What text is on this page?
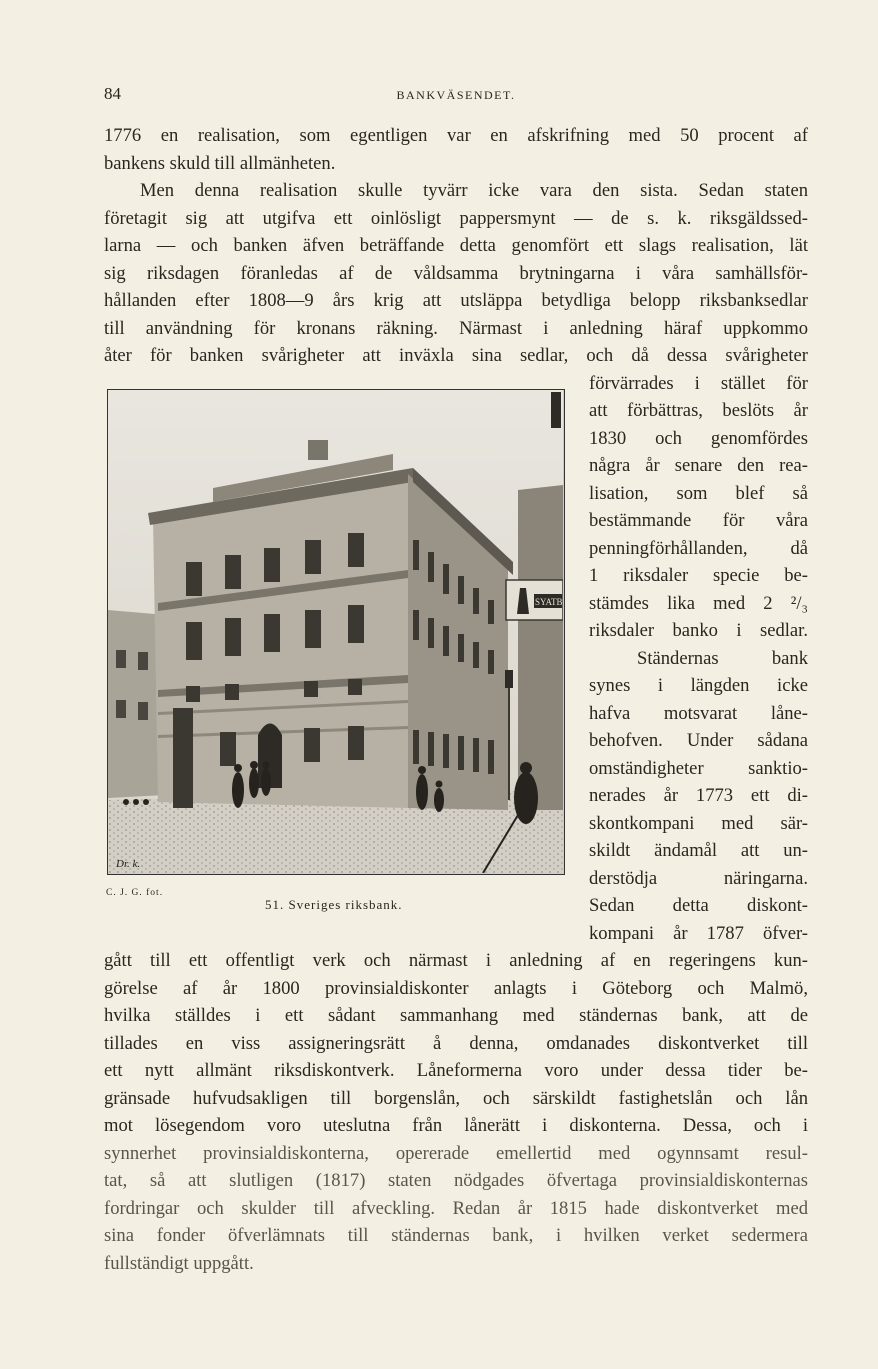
84	BANKVÄSENDET.
1776 en realisation, som egentligen var en afskrifning med 50 procent af
bankens skuld till allmänheten.
Men denna realisation skulle tyvärr icke vara den sista. Sedan staten
företagit sig att utgifva ett oinlösligt pappersmynt — de s. k. riksgäldssed-
larna — och banken äfven beträffande detta genomfört ett slags realisation, lät
sig riksdagen föranledas af de våldsamma brytningarna i våra samhällsför-
hållanden efter 1808—9 års krig att utsläppa betydliga belopp riksbanksedlar
till användning för kronans räkning. Närmast i anledning häraf uppkommo
åter för banken svårigheter att inväxla sina sedlar, och då dessa svårigheter
SYATB
Dr. k.
förvärrades i stället för
att förbättras, beslöts år
1830 och genomfördes
några år senare den rea-
lisation, som blef så
bestämmande för våra
penningförhållanden, då
1 riksdaler specie be-
stämdes lika med 2 ²/₃
riksdaler banko i sedlar.
Ständernas bank
synes i längden icke
hafva motsvarat låne-
behofven. Under sådana
omständigheter sanktio-
nerades år 1773 ett di-
skontkompani med sär-
skildt ändamål att un-
derstödja näringarna.
Sedan detta diskont-
kompani år 1787 öfver-
C. J. G. fot.
51. Sveriges riksbank.
gått till ett offentligt verk och närmast i anledning af en regeringens kun-
görelse af år 1800 provinsialdiskonter anlagts i Göteborg och Malmö,
hvilka ställdes i ett sådant sammanhang med ständernas bank, att de
tillades en viss assigneringsrätt å denna, omdanades diskontverket till
ett nytt allmänt riksdiskontverk. Låneformerna voro under dessa tider be-
gränsade hufvudsakligen till borgenslån, och särskildt fastighetslån och lån
mot lösegendom voro uteslutna från lånerätt i diskonterna. Dessa, och i
synnerhet provinsialdiskonterna, opererade emellertid med ogynnsamt resul-
tat, så att slutligen (1817) staten nödgades öfvertaga provinsialdiskonternas
fordringar och skulder till afveckling. Redan år 1815 hade diskontverket med
sina fonder öfverlämnats till ständernas bank, i hvilken verket sedermera
fullständigt uppgått.
